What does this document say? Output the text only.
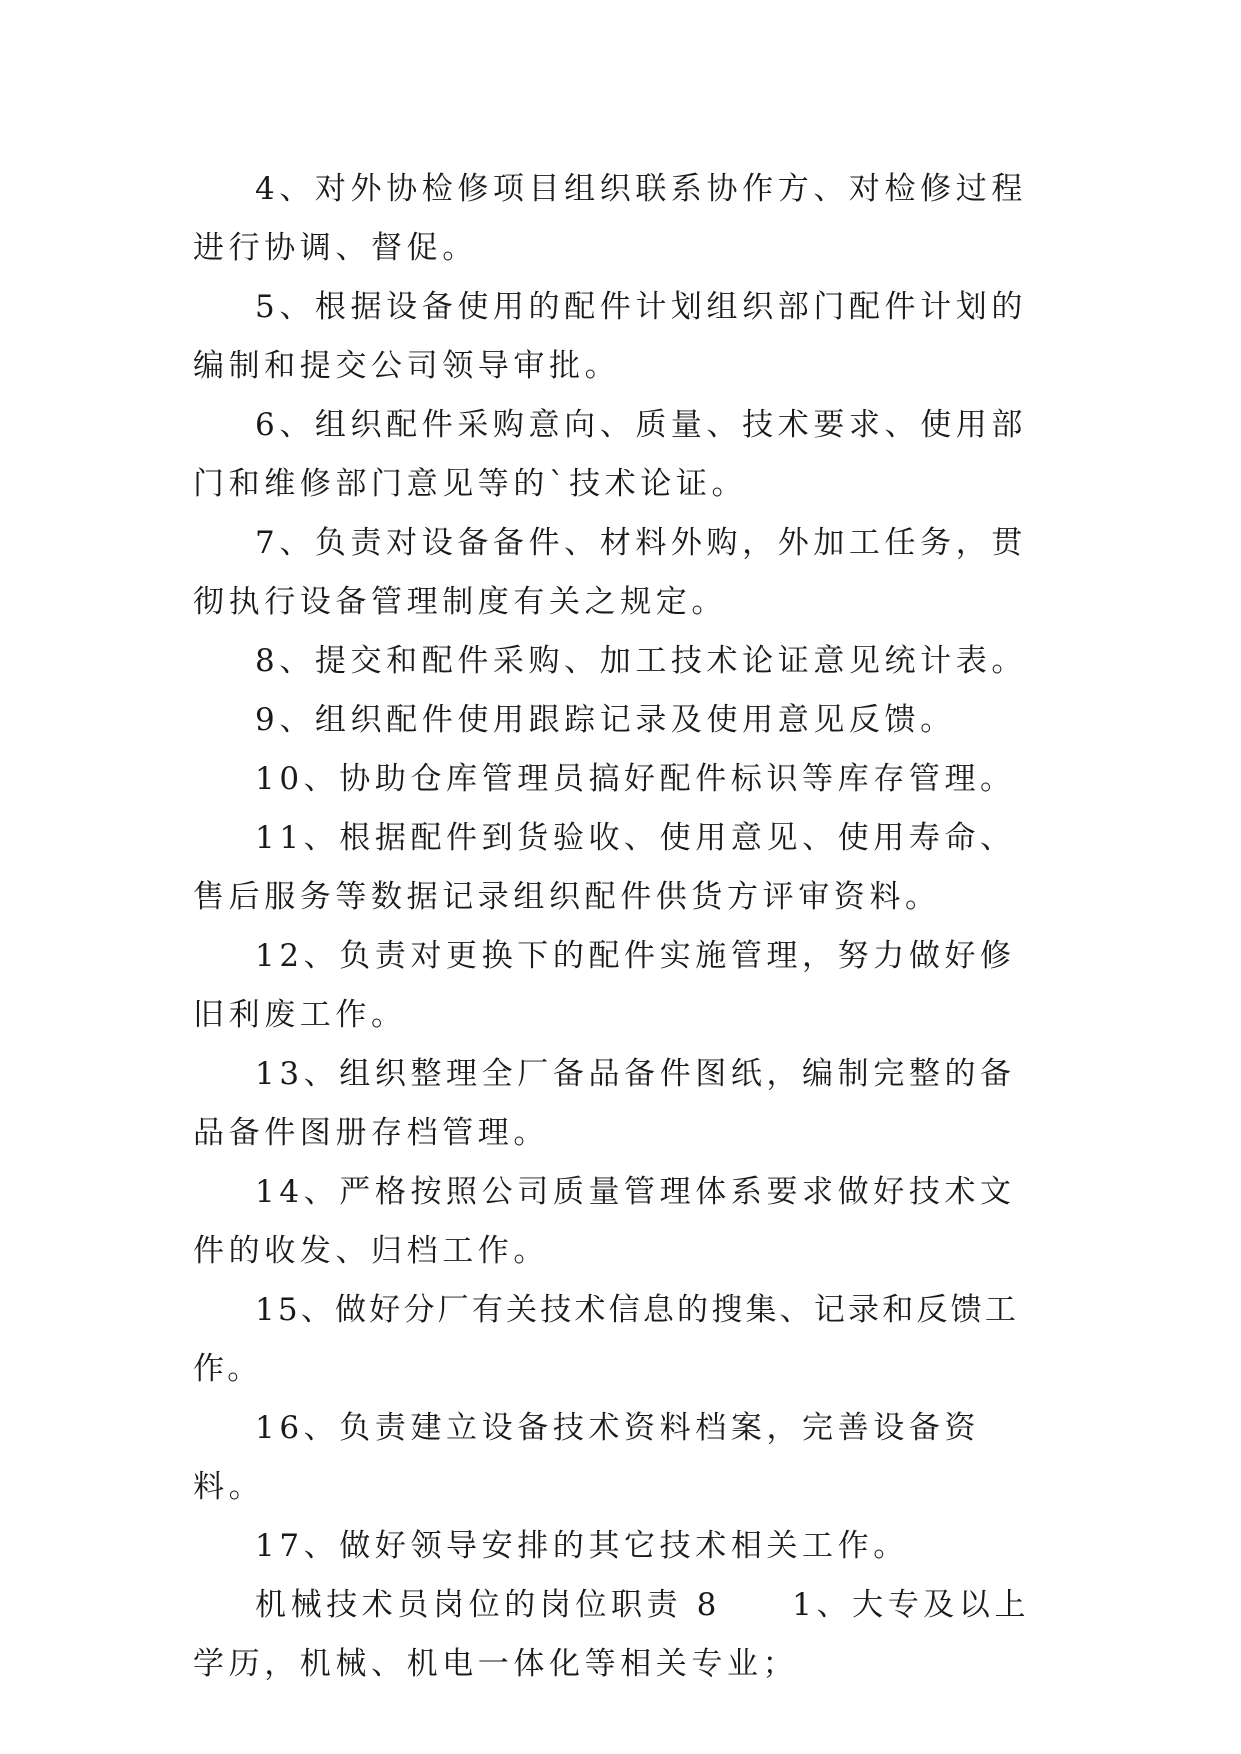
4、对外协检修项目组织联系协作方、对检修过程进行协调、督促。

5、根据设备使用的配件计划组织部门配件计划的编制和提交公司领导审批。

6、组织配件采购意向、质量、技术要求、使用部门和维修部门意见等的`技术论证。

7、负责对设备备件、材料外购，外加工任务，贯彻执行设备管理制度有关之规定。

8、提交和配件采购、加工技术论证意见统计表。

9、组织配件使用跟踪记录及使用意见反馈。

10、协助仓库管理员搞好配件标识等库存管理。

11、根据配件到货验收、使用意见、使用寿命、售后服务等数据记录组织配件供货方评审资料。

12、负责对更换下的配件实施管理，努力做好修旧利废工作。

13、组织整理全厂备品备件图纸，编制完整的备品备件图册存档管理。

14、严格按照公司质量管理体系要求做好技术文件的收发、归档工作。

15、做好分厂有关技术信息的搜集、记录和反馈工作。

16、负责建立设备技术资料档案，完善设备资料。

17、做好领导安排的其它技术相关工作。

机械技术员岗位的岗位职责 8　　1、大专及以上学历，机械、机电一体化等相关专业；
